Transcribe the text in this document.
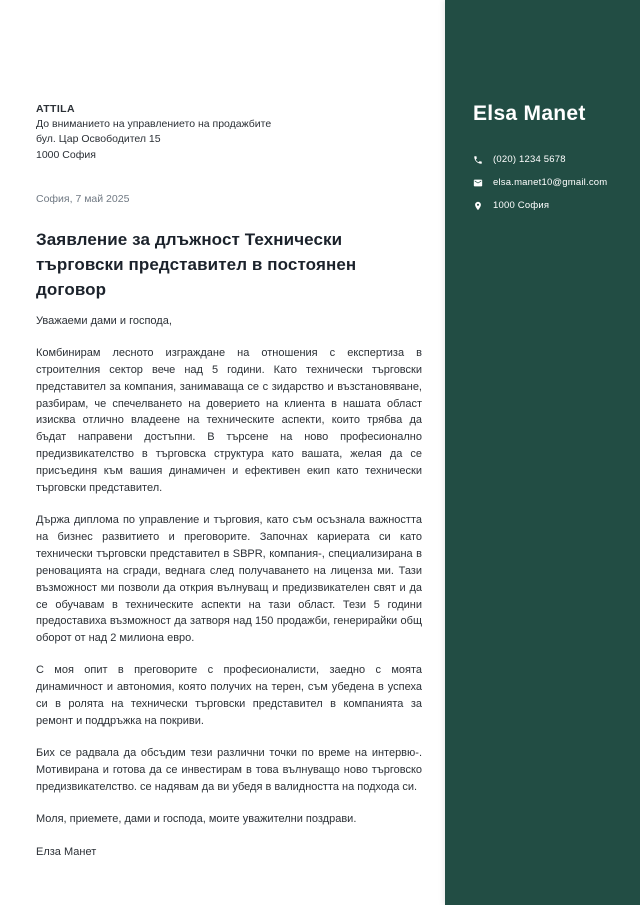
ATTILA
До вниманието на управлението на продажбите
бул. Цар Освободител 15
1000 София
София, 7 май 2025
Заявление за длъжност Технически търговски представител в постоянен договор

Уважаеми дами и господа,

Комбинирам лесното изграждане на отношения с експертиза в строителния сектор вече над 5 години. Като технически търговски представител за компания, занимаваща се с зидарство и възстановяване, разбирам, че спечелването на доверието на клиента в нашата област изисква отлично владеене на техническите аспекти, които трябва да бъдат направени достъпни. В търсене на ново професионално предизвикателство в търговска структура като вашата, желая да се присъединя към вашия динамичен и ефективен екип като технически търговски представител.

Държа диплома по управление и търговия, като съм осъзнала важността на бизнес развитието и преговорите. Започнах кариерата си като технически търговски представител в SBPR, компания-, специализирана в реновацията на сгради, веднага след получаването на лиценза ми. Тази възможност ми позволи да открия вълнуващ и предизвикателен свят и да се обучавам в техническите аспекти на тази област. Тези 5 години предоставиха възможност да затворя над 150 продажби, генерирайки общ оборот от над 2 милиона евро.

С моя опит в преговорите с професионалисти, заедно с моята динамичност и автономия, която получих на терен, съм убедена в успеха си в ролята на технически търговски представител в компанията за ремонт и поддръжка на покриви.

Бих се радвала да обсъдим тези различни точки по време на интервю-. Мотивирана и готова да се инвестирам в това вълнуващо ново търговско предизвикателство. се надявам да ви убедя в валидността на подхода си.

Моля, приемете, дами и господа, моите уважителни поздрави.

Елза Манет

Elsa Manet
(020) 1234 5678
elsa.manet10@gmail.com
1000 София
